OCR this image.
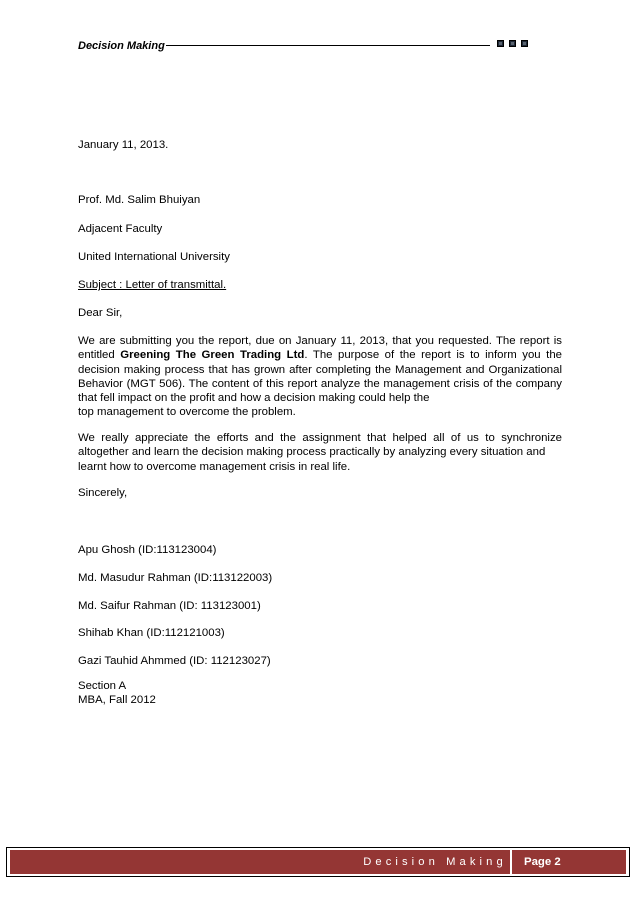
Decision Making
January 11, 2013.
Prof. Md. Salim Bhuiyan
Adjacent Faculty
United International University
Subject : Letter of transmittal.
Dear Sir,
We are submitting you the report, due on January 11, 2013, that you requested. The report is entitled Greening The Green Trading Ltd. The purpose of the report is to inform you the decision making process that has grown after completing the Management and Organizational Behavior (MGT 506). The content of this report analyze the management crisis of the company that fell impact on the profit and how a decision making could help the
top management to overcome the problem.
We really appreciate the efforts and the assignment that helped all of us to synchronize altogether and learn the decision making process practically by analyzing every situation and
learnt how to overcome management crisis in real life.
Sincerely,
Apu Ghosh (ID:113123004)
Md. Masudur Rahman (ID:113122003)
Md. Saifur Rahman (ID: 113123001)
Shihab Khan (ID:112121003)
Gazi Tauhid Ahmmed (ID: 112123027)
Section A
MBA, Fall 2012
Decision Making Page 2
